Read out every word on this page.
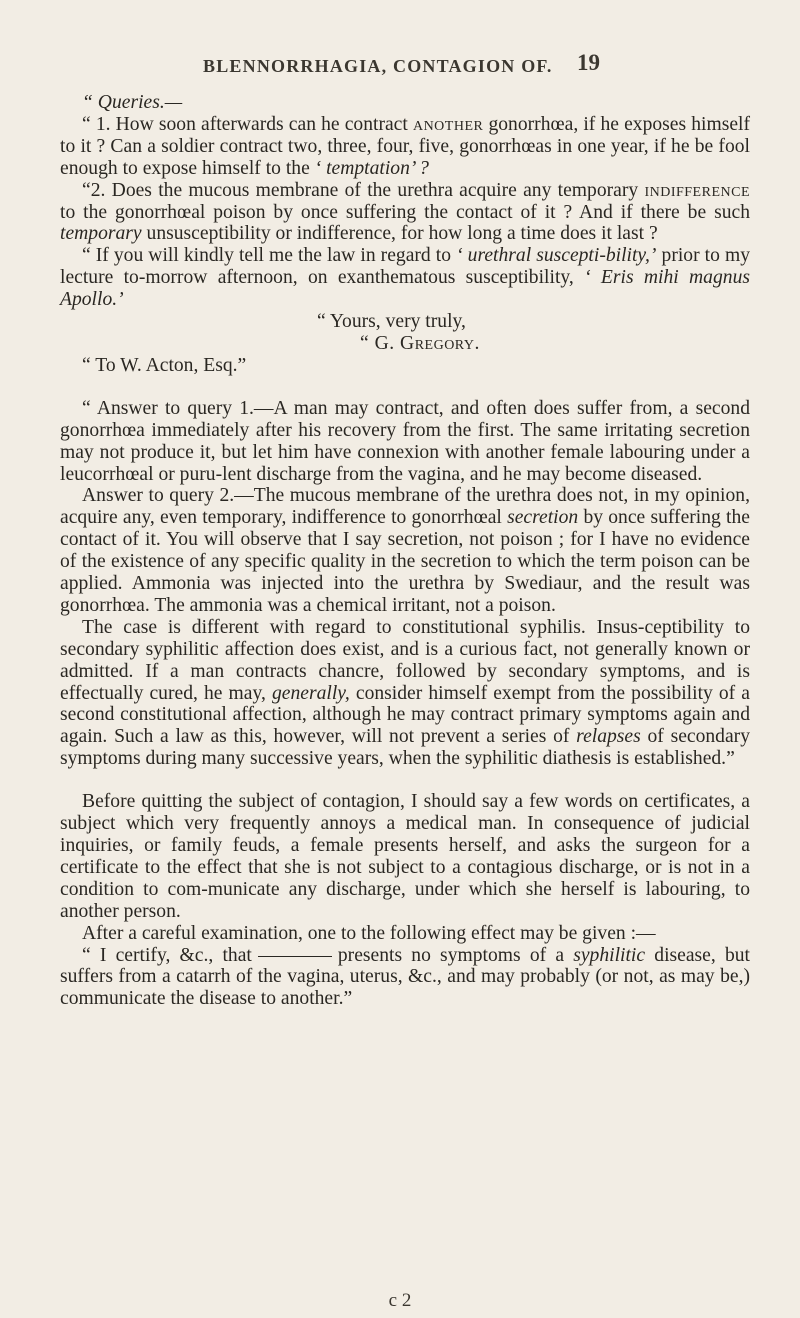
BLENNORRHAGIA, CONTAGION OF. 19

“ Queries.—

“ 1. How soon afterwards can he contract another gonorrhœa, if he exposes himself to it ? Can a soldier contract two, three, four, five, gonorrhœas in one year, if he be fool enough to expose himself to the ‘ temptation’ ?

“2. Does the mucous membrane of the urethra acquire any temporary indifference to the gonorrhœal poison by once suffering the contact of it ? And if there be such temporary unsusceptibility or indifference, for how long a time does it last ?

“ If you will kindly tell me the law in regard to ‘ urethral suscepti-bility,’ prior to my lecture to-morrow afternoon, on exanthematous susceptibility, ‘ Eris mihi magnus Apollo.’

“ Yours, very truly,

“ G. Gregory.

“ To W. Acton, Esq.”

“ Answer to query 1.—A man may contract, and often does suffer from, a second gonorrhœa immediately after his recovery from the first. The same irritating secretion may not produce it, but let him have connexion with another female labouring under a leucorrhœal or puru-lent discharge from the vagina, and he may become diseased.

Answer to query 2.—The mucous membrane of the urethra does not, in my opinion, acquire any, even temporary, indifference to gonorrhœal secretion by once suffering the contact of it. You will observe that I say secretion, not poison ; for I have no evidence of the existence of any specific quality in the secretion to which the term poison can be applied. Ammonia was injected into the urethra by Swediaur, and the result was gonorrhœa. The ammonia was a chemical irritant, not a poison.

The case is different with regard to constitutional syphilis. Insus-ceptibility to secondary syphilitic affection does exist, and is a curious fact, not generally known or admitted. If a man contracts chancre, followed by secondary symptoms, and is effectually cured, he may, generally, consider himself exempt from the possibility of a second constitutional affection, although he may contract primary symptoms again and again. Such a law as this, however, will not prevent a series of relapses of secondary symptoms during many successive years, when the syphilitic diathesis is established.”

Before quitting the subject of contagion, I should say a few words on certificates, a subject which very frequently annoys a medical man. In consequence of judicial inquiries, or family feuds, a female presents herself, and asks the surgeon for a certificate to the effect that she is not subject to a contagious discharge, or is not in a condition to com-municate any discharge, under which she herself is labouring, to another person.

After a careful examination, one to the following effect may be given :—

“ I certify, &c., that	presents no symptoms of a syphilitic disease, but suffers from a catarrh of the vagina, uterus, &c., and may probably (or not, as may be,) communicate the disease to another.”

c 2
